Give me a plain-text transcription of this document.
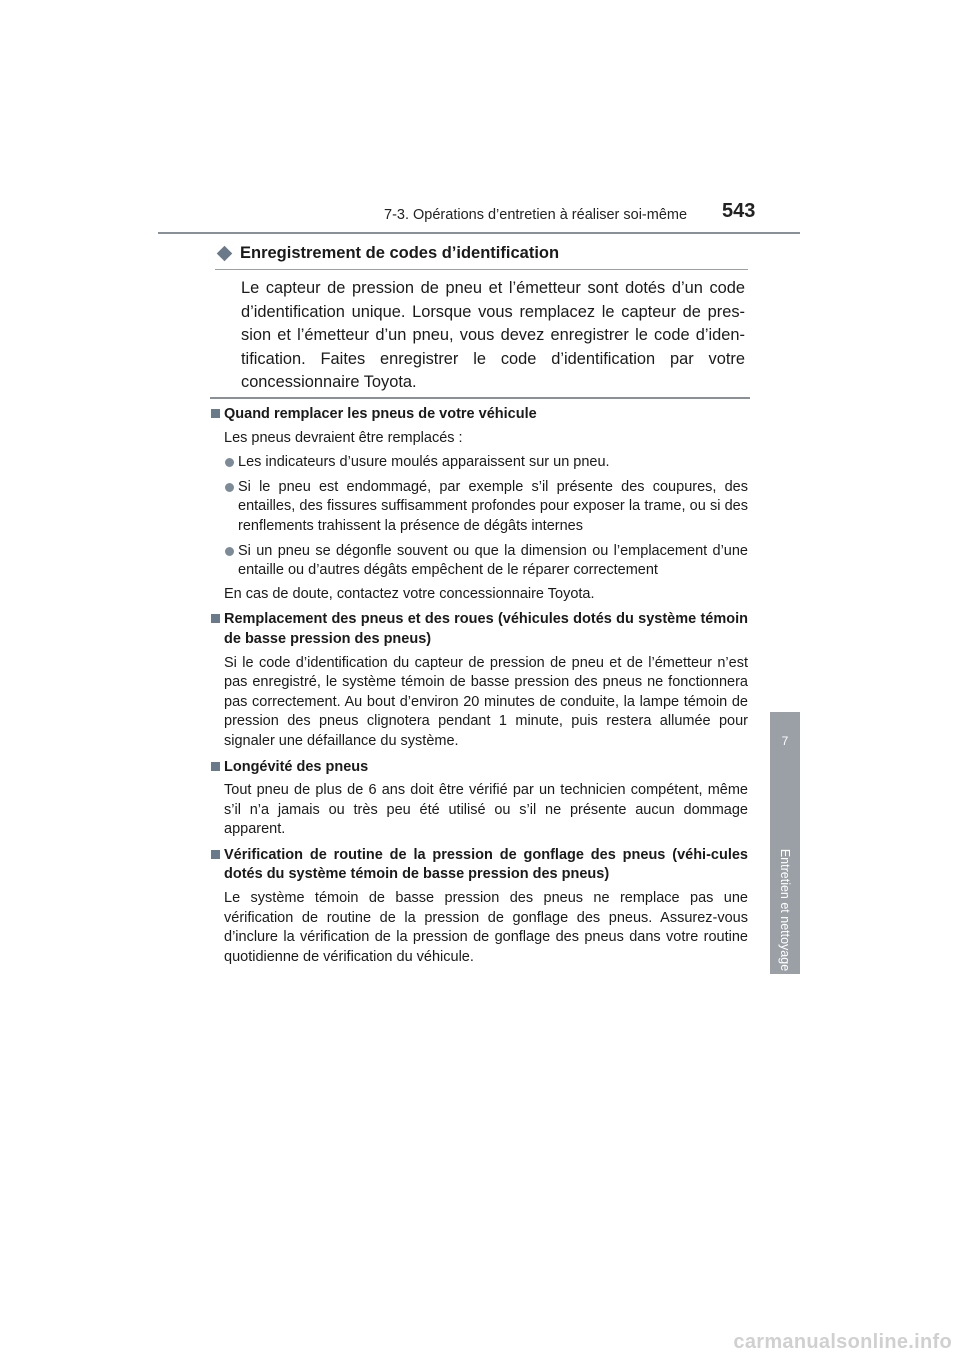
7-3. Opérations d’entretien à réaliser soi-même 543
7
Entretien et nettoyage
Enregistrement de codes d’identification
Le capteur de pression de pneu et l’émetteur sont dotés d’un code d’identification unique. Lorsque vous remplacez le capteur de pres-sion et l’émetteur d’un pneu, vous devez enregistrer le code d’iden-tification. Faites enregistrer le code d’identification par votre concessionnaire Toyota.
Quand remplacer les pneus de votre véhicule
Les pneus devraient être remplacés :
Les indicateurs d’usure moulés apparaissent sur un pneu.
Si le pneu est endommagé, par exemple s’il présente des coupures, des entailles, des fissures suffisamment profondes pour exposer la trame, ou si des renflements trahissent la présence de dégâts internes
Si un pneu se dégonfle souvent ou que la dimension ou l’emplacement d’une entaille ou d’autres dégâts empêchent de le réparer correctement
En cas de doute, contactez votre concessionnaire Toyota.
Remplacement des pneus et des roues (véhicules dotés du système témoin de basse pression des pneus)
Si le code d’identification du capteur de pression de pneu et de l’émetteur n’est pas enregistré, le système témoin de basse pression des pneus ne fonctionnera pas correctement. Au bout d’environ 20 minutes de conduite, la lampe témoin de pression des pneus clignotera pendant 1 minute, puis restera allumée pour signaler une défaillance du système.
Longévité des pneus
Tout pneu de plus de 6 ans doit être vérifié par un technicien compétent, même s’il n’a jamais ou très peu été utilisé ou s’il ne présente aucun dommage apparent.
Vérification de routine de la pression de gonflage des pneus (véhi-cules dotés du système témoin de basse pression des pneus)
Le système témoin de basse pression des pneus ne remplace pas une vérification de routine de la pression de gonflage des pneus. Assurez-vous d’inclure la vérification de la pression de gonflage des pneus dans votre routine quotidienne de vérification du véhicule.
carmanualsonline.info
